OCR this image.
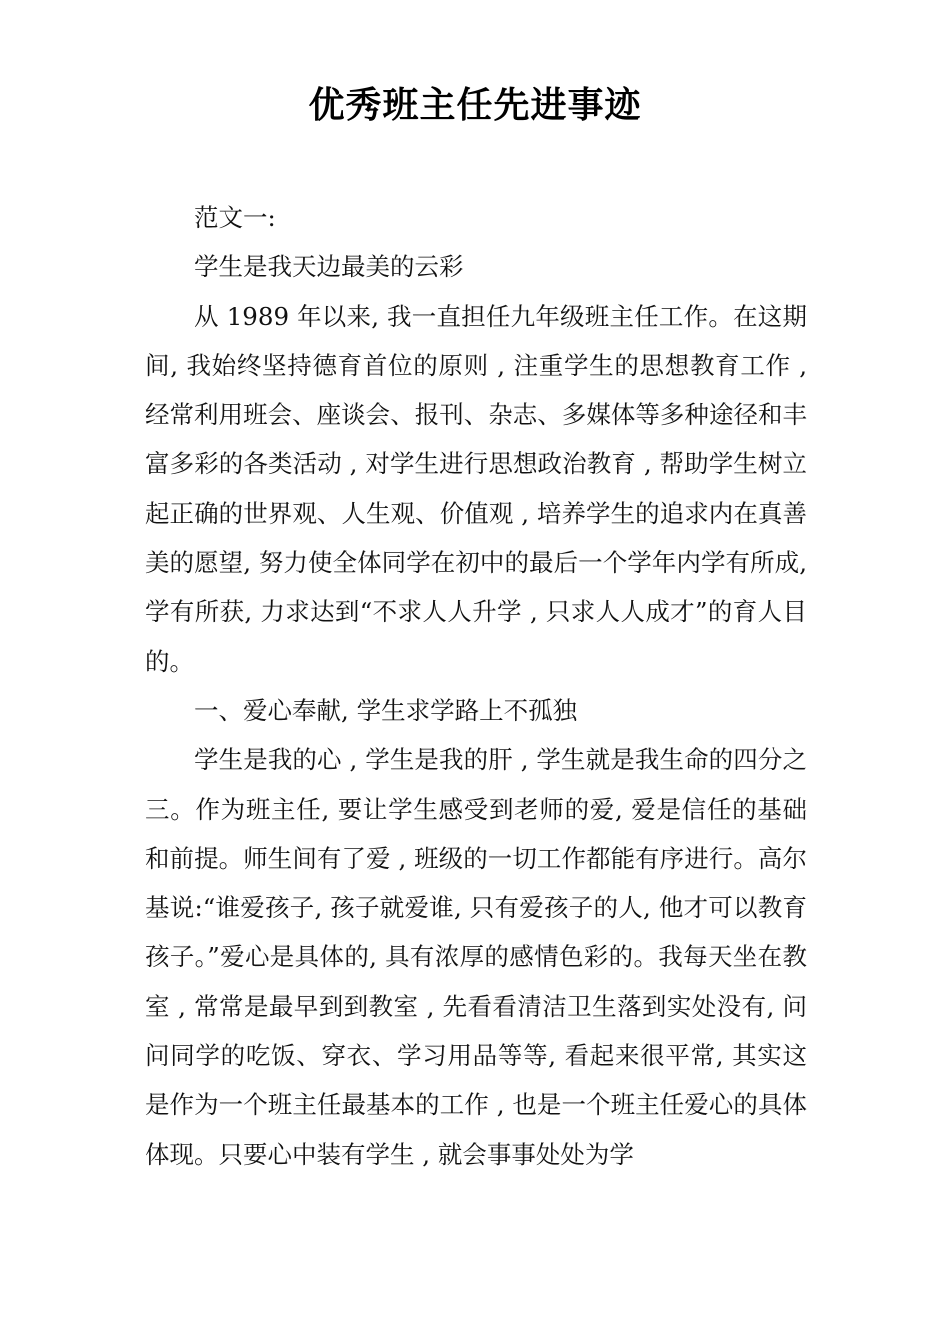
优秀班主任先进事迹

范文一:

学生是我天边最美的云彩

从 1989 年以来, 我一直担任九年级班主任工作。在这期间, 我始终坚持德育首位的原则 , 注重学生的思想教育工作 , 经常利用班会、座谈会、报刊、杂志、多媒体等多种途径和丰富多彩的各类活动 , 对学生进行思想政治教育 , 帮助学生树立起正确的世界观、人生观、价值观 , 培养学生的追求内在真善美的愿望, 努力使全体同学在初中的最后一个学年内学有所成, 学有所获, 力求达到“不求人人升学 , 只求人人成才”的育人目的。

一、爱心奉献, 学生求学路上不孤独

学生是我的心 , 学生是我的肝 , 学生就是我生命的四分之三。作为班主任, 要让学生感受到老师的爱, 爱是信任的基础和前提。师生间有了爱 , 班级的一切工作都能有序进行。高尔基说:“谁爱孩子, 孩子就爱谁, 只有爱孩子的人, 他才可以教育孩子。”爱心是具体的, 具有浓厚的感情色彩的。我每天坐在教室 , 常常是最早到到教室 , 先看看清洁卫生落到实处没有, 问问同学的吃饭、穿衣、学习用品等等, 看起来很平常, 其实这是作为一个班主任最基本的工作 , 也是一个班主任爱心的具体体现。只要心中装有学生 , 就会事事处处为学
